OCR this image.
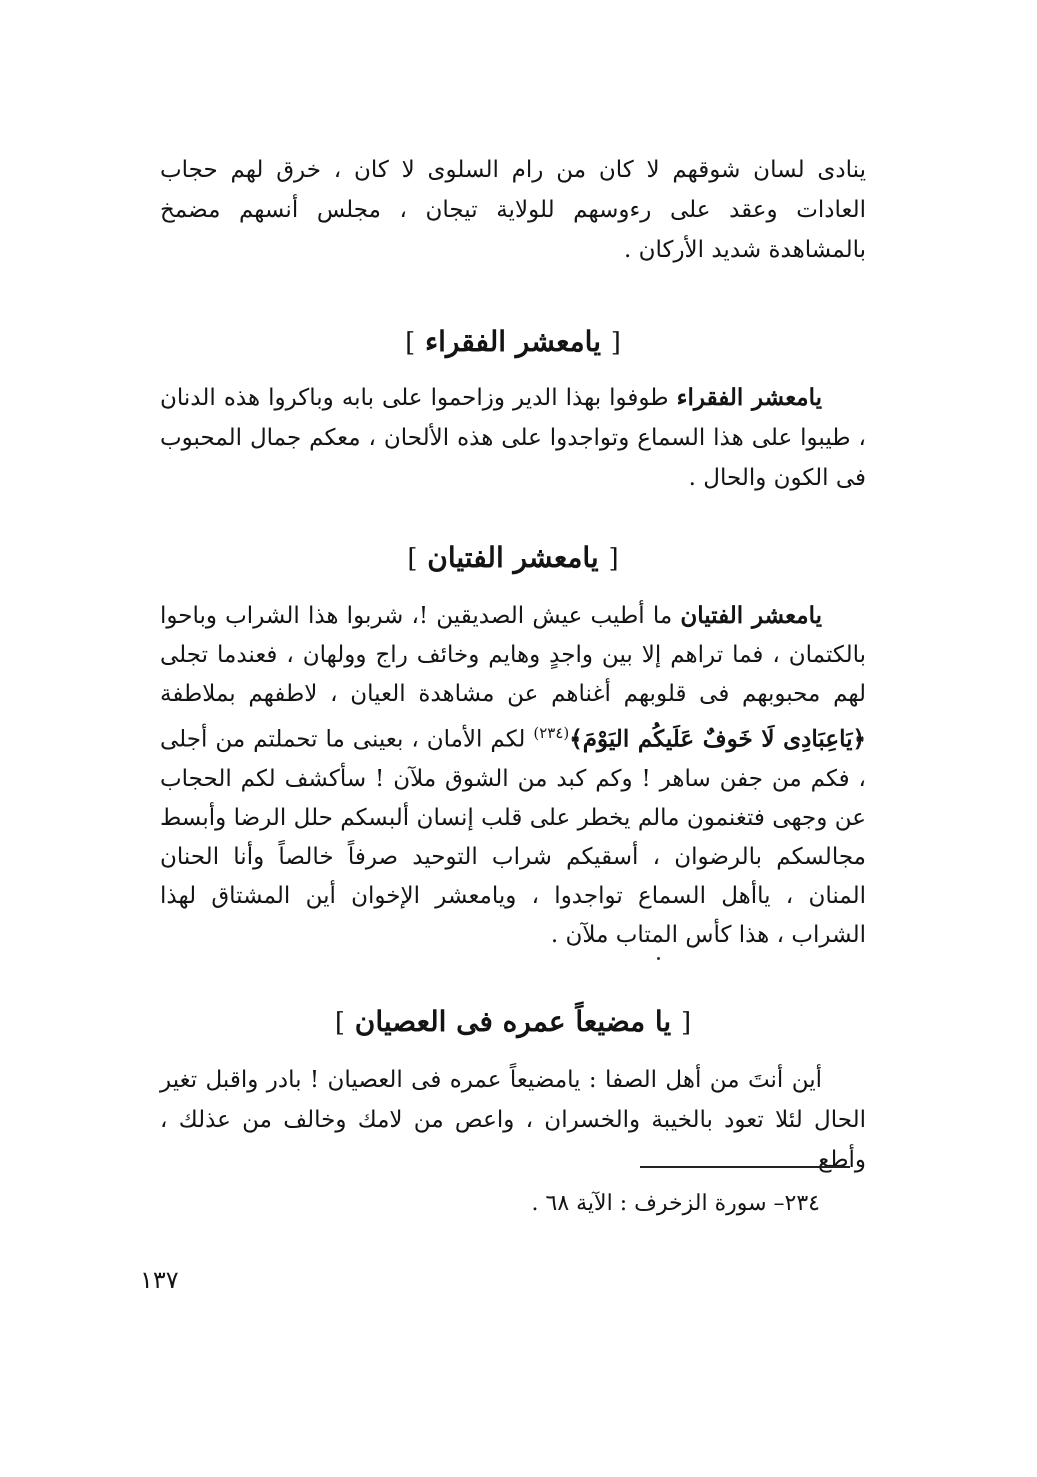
ينادى لسان شوقهم لا كان من رام السلوى لا كان ، خرق لهم حجاب العادات وعقد على رءوسهم للولاية تيجان ، مجلس أنسهم مضمخ بالمشاهدة شديد الأركان .

[ يامعشر الفقراء ]

يامعشر الفقراء طوفوا بهذا الدير وزاحموا على بابه وباكروا هذه الدنان ، طيبوا على هذا السماع وتواجدوا على هذه الألحان ، معكم جمال المحبوب فى الكون والحال .

[ يامعشر الفتيان ]

يامعشر الفتيان ما أطيب عيش الصديقين !، شربوا هذا الشراب وباحوا بالكتمان ، فما تراهم إلا بين واجدٍ وهايم وخائف راج وولهان ، فعندما تجلى لهم محبوبهم فى قلوبهم أغناهم عن مشاهدة العيان ، لاطفهم بملاطفة ﴿يَاعِبَادِى لَا خَوفٌ عَلَيكُم اليَوْمَ﴾$^{(٢٣٤)}$ لكم الأمان ، بعينى ما تحملتم من أجلى ، فكم من جفن ساهر ! وكم كبد من الشوق ملآن ! سأكشف لكم الحجاب عن وجهى فتغنمون مالم يخطر على قلب إنسان ألبسكم حلل الرضا وأبسط مجالسكم بالرضوان ، أسقيكم شراب التوحيد صرفاً خالصاً وأنا الحنان المنان ، ياأهل السماع تواجدوا ، ويامعشر الإخوان أين المشتاق لهذا الشراب ، هذا كأس المتاب ملآن .

[ يا مضيعاً عمره فى العصيان ]

أين أنتَ من أهل الصفا : يامضيعاً عمره فى العصيان ! بادر واقبل تغير الحال لئلا تعود بالخيبة والخسران ، واعص من لامك وخالف من عذلك ، وأطع

٢٣٤– سورة الزخرف : الآية ٦٨ .

١٣٧
